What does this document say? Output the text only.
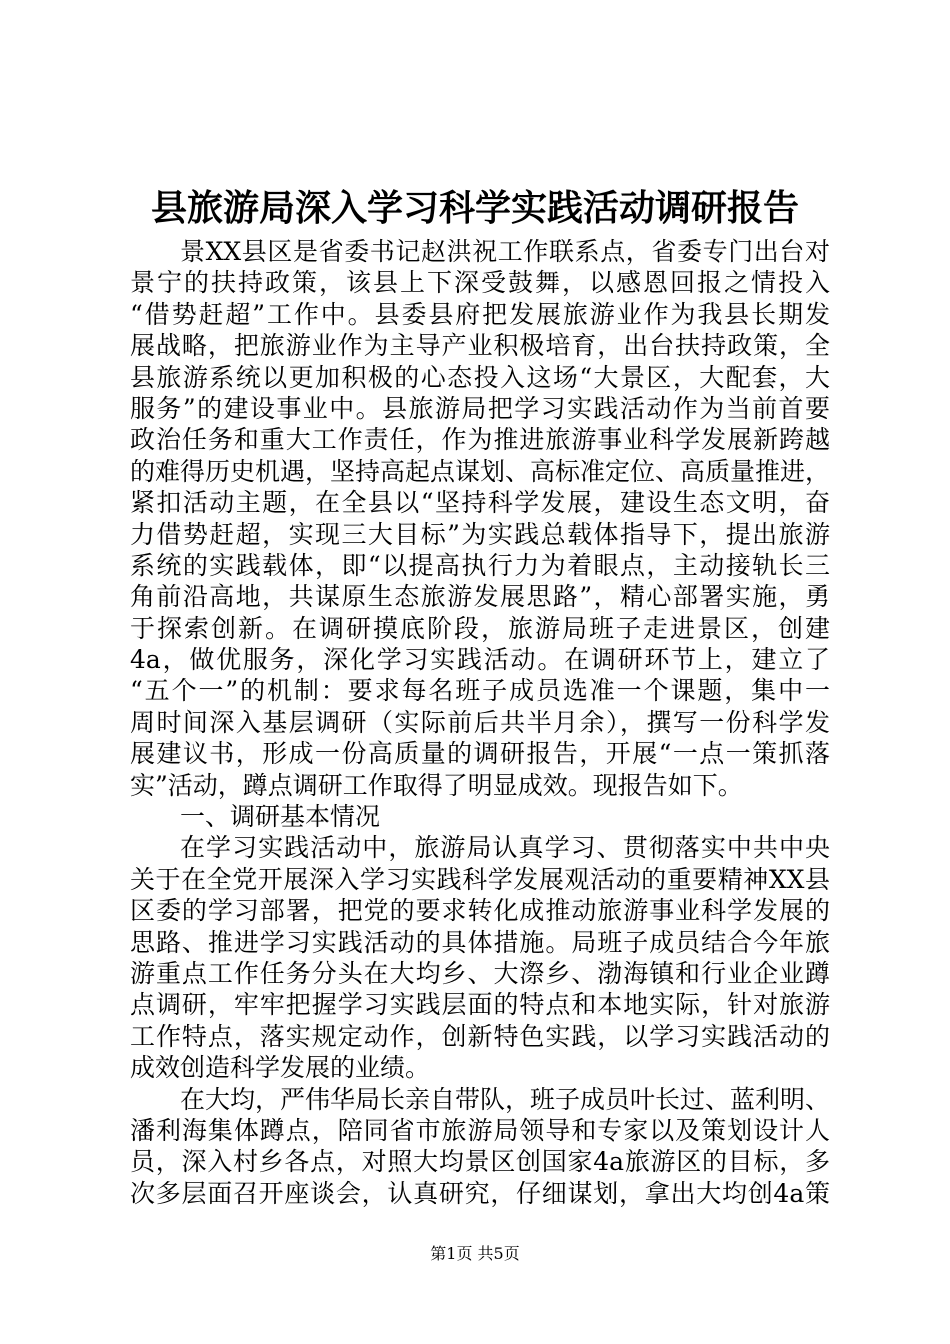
县旅游局深入学习科学实践活动调研报告
景XX县区是省委书记赵洪祝工作联系点，省委专门出台对
景宁的扶持政策，该县上下深受鼓舞，以感恩回报之情投入
“借势赶超”工作中。县委县府把发展旅游业作为我县长期发
展战略，把旅游业作为主导产业积极培育，出台扶持政策，全
县旅游系统以更加积极的心态投入这场“大景区，大配套，大
服务”的建设事业中。县旅游局把学习实践活动作为当前首要
政治任务和重大工作责任，作为推进旅游事业科学发展新跨越
的难得历史机遇，坚持高起点谋划、高标准定位、高质量推进，
紧扣活动主题，在全县以“坚持科学发展，建设生态文明，奋
力借势赶超，实现三大目标”为实践总载体指导下，提出旅游
系统的实践载体，即“以提高执行力为着眼点，主动接轨长三
角前沿高地，共谋原生态旅游发展思路”，精心部署实施，勇
于探索创新。在调研摸底阶段，旅游局班子走进景区，创建
4a，做优服务，深化学习实践活动。在调研环节上，建立了
“五个一”的机制：要求每名班子成员选准一个课题，集中一
周时间深入基层调研（实际前后共半月余），撰写一份科学发
展建议书，形成一份高质量的调研报告，开展“一点一策抓落
实”活动，蹲点调研工作取得了明显成效。现报告如下。
一、调研基本情况
在学习实践活动中，旅游局认真学习、贯彻落实中共中央
关于在全党开展深入学习实践科学发展观活动的重要精神XX县
区委的学习部署，把党的要求转化成推动旅游事业科学发展的
思路、推进学习实践活动的具体措施。局班子成员结合今年旅
游重点工作任务分头在大均乡、大漈乡、渤海镇和行业企业蹲
点调研，牢牢把握学习实践层面的特点和本地实际，针对旅游
工作特点，落实规定动作，创新特色实践，以学习实践活动的
成效创造科学发展的业绩。
在大均，严伟华局长亲自带队，班子成员叶长过、蓝利明、
潘利海集体蹲点，陪同省市旅游局领导和专家以及策划设计人
员，深入村乡各点，对照大均景区创国家4a旅游区的目标，多
次多层面召开座谈会，认真研究，仔细谋划，拿出大均创4a策
第1页 共5页
